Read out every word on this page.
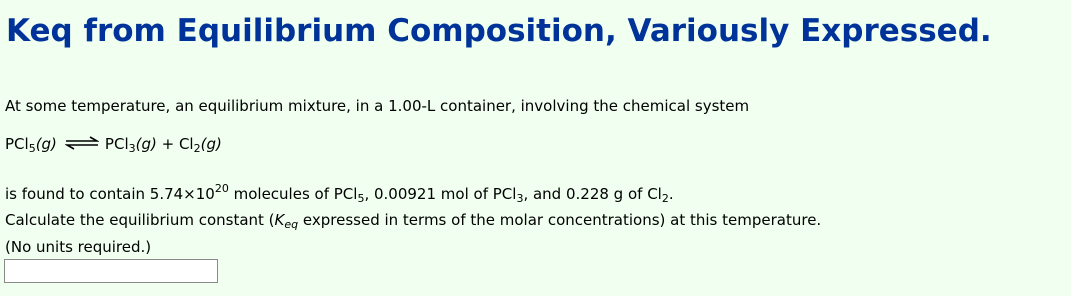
Keq from Equilibrium Composition, Variously Expressed.
At some temperature, an equilibrium mixture, in a 1.00-L container, involving the chemical system
PCl$_5$(g) ⇌ $PCl_3(g) + Cl_2(g)$
is found to contain $5.74\times 10^{20}$ molecules of PCl$_5$, 0.00921 mol of PCl$_3$, and 0.228 g of $Cl_2$.
Calculate the equilibrium constant ($K_{eq}$ expressed in terms of the molar concentrations) at this temperature.
(No units required.)
